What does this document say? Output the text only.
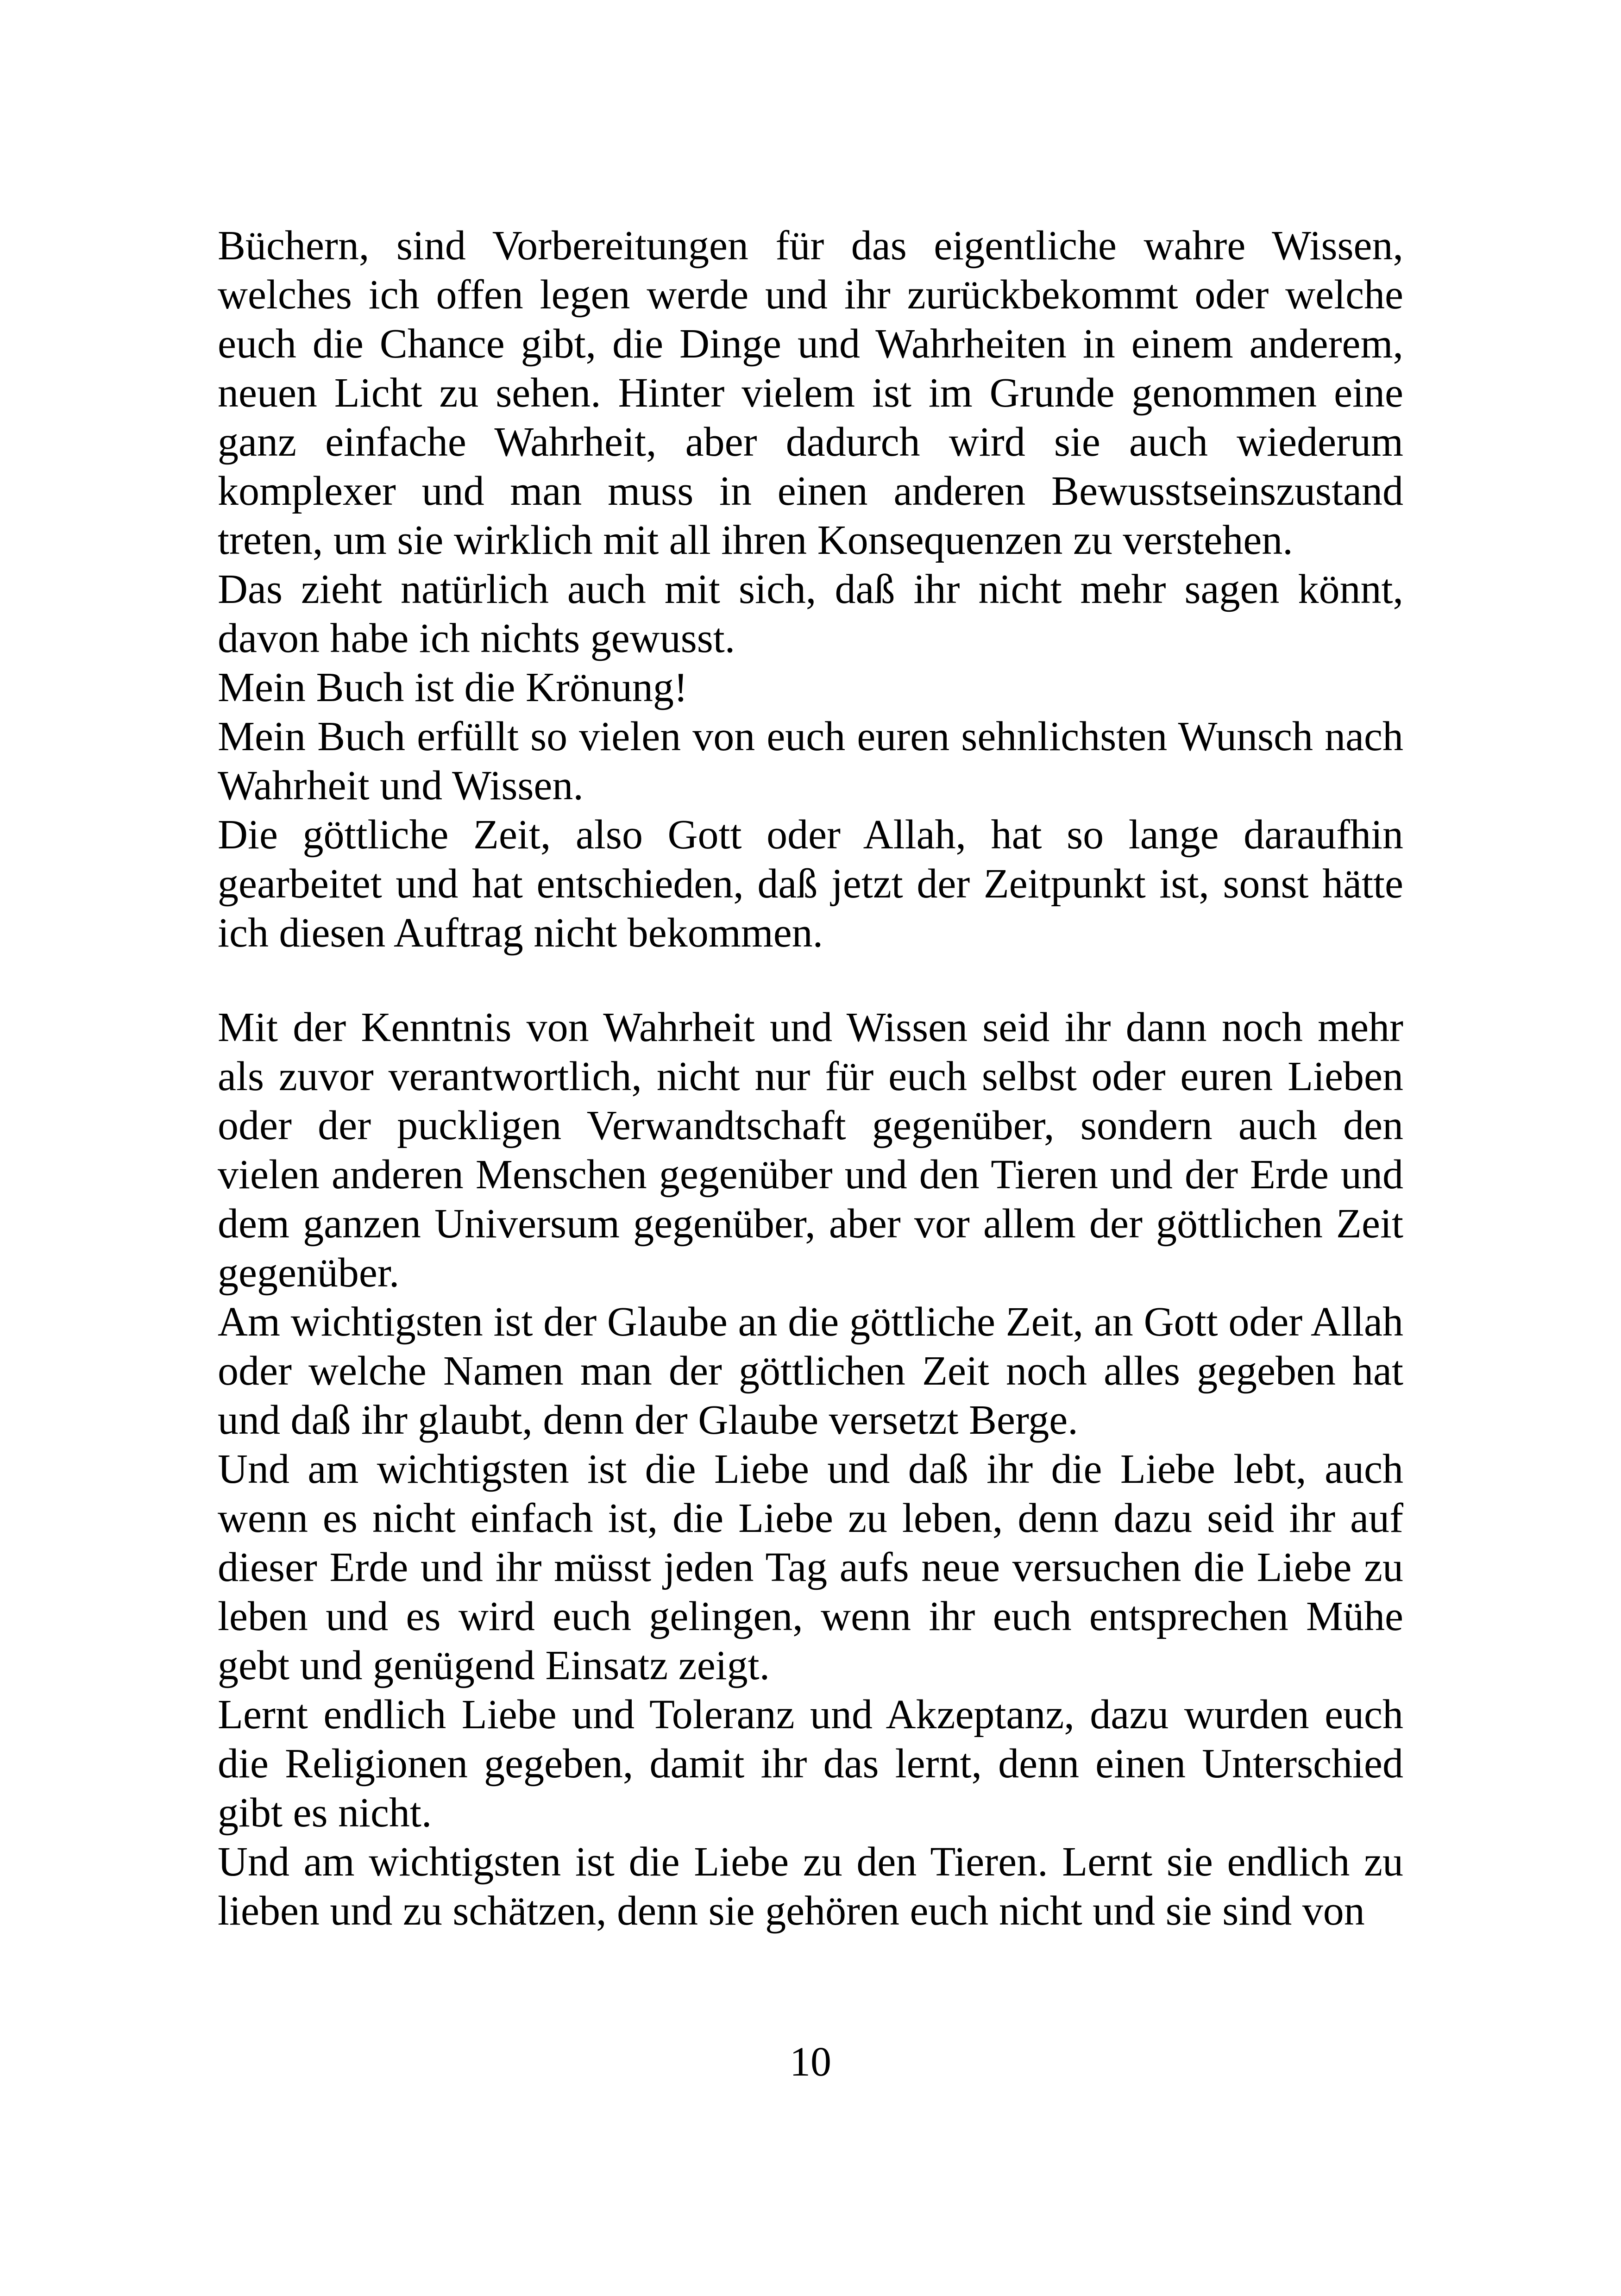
Büchern, sind Vorbereitungen für das eigentliche wahre Wissen, welches ich offen legen werde und ihr zurückbekommt oder welche euch die Chance gibt, die Dinge und Wahrheiten in einem anderem, neuen Licht zu sehen. Hinter vielem ist im Grunde genommen eine ganz einfache Wahrheit, aber dadurch wird sie auch wiederum komplexer und man muss in einen anderen Bewusstseinszustand treten, um sie wirklich mit all ihren Konsequenzen zu verstehen.

Das zieht natürlich auch mit sich, daß ihr nicht mehr sagen könnt, davon habe ich nichts gewusst.

Mein Buch ist die Krönung!

Mein Buch erfüllt so vielen von euch euren sehnlichsten Wunsch nach Wahrheit und Wissen.

Die göttliche Zeit, also Gott oder Allah, hat so lange daraufhin gearbeitet und hat entschieden, daß jetzt der Zeitpunkt ist, sonst hätte ich diesen Auftrag nicht bekommen.

Mit der Kenntnis von Wahrheit und Wissen seid ihr dann noch mehr als zuvor verantwortlich, nicht nur für euch selbst oder euren Lieben oder der puckligen Verwandtschaft gegenüber, sondern auch den vielen anderen Menschen gegenüber und den Tieren und der Erde und dem ganzen Universum gegenüber, aber vor allem der göttlichen Zeit gegenüber.

Am wichtigsten ist der Glaube an die göttliche Zeit, an Gott oder Allah oder welche Namen man der göttlichen Zeit noch alles gegeben hat und daß ihr glaubt, denn der Glaube versetzt Berge.

Und am wichtigsten ist die Liebe und daß ihr die Liebe lebt, auch wenn es nicht einfach ist, die Liebe zu leben, denn dazu seid ihr auf dieser Erde und ihr müsst jeden Tag aufs neue versuchen die Liebe zu leben und es wird euch gelingen, wenn ihr euch entsprechen Mühe gebt und genügend Einsatz zeigt.

Lernt endlich Liebe und Toleranz und Akzeptanz, dazu wurden euch die Religionen gegeben, damit ihr das lernt, denn einen Unterschied gibt es nicht.

Und am wichtigsten ist die Liebe zu den Tieren. Lernt sie endlich zu lieben und zu schätzen, denn sie gehören euch nicht und sie sind von

10
